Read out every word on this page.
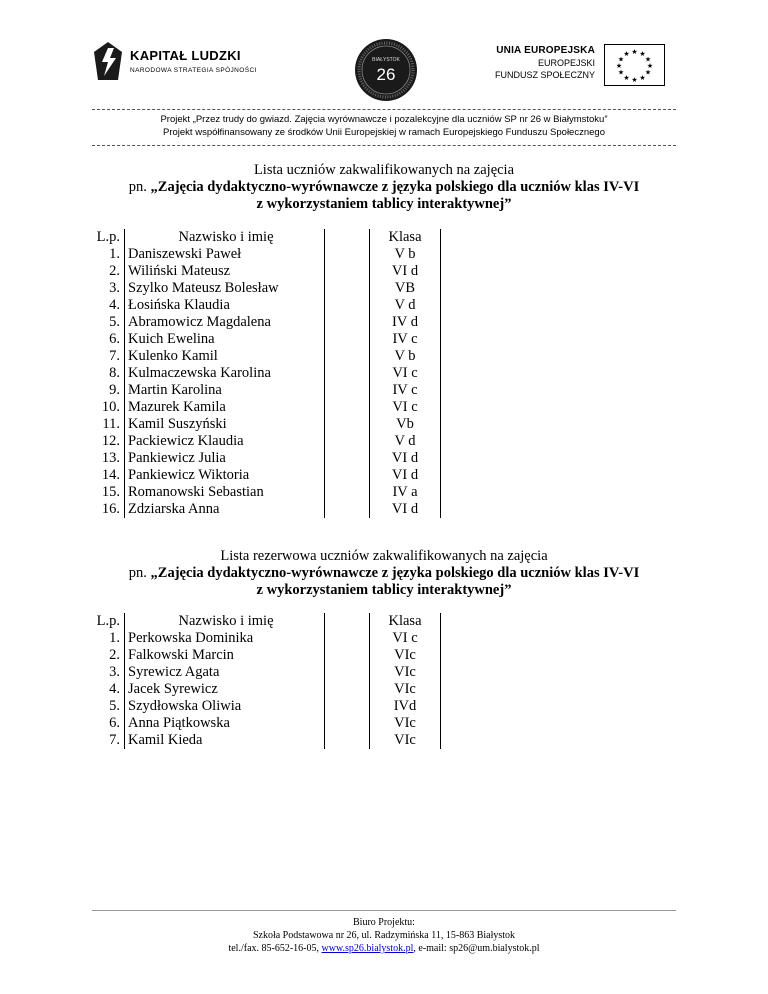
KAPITAŁ LUDZKI
NARODOWA STRATEGIA SPÓJNOŚCI
BIAŁYSTOK
26
UNIA EUROPEJSKA
EUROPEJSKI
FUNDUSZ SPOŁECZNY
★ ★
★
★
★
★
★
★
★
★
★
★
Projekt „Przez trudy do gwiazd. Zajęcia wyrównawcze i pozalekcyjne dla uczniów SP nr 26 w Białymstoku”
Projekt współfinansowany ze środków Unii Europejskiej w ramach Europejskiego Funduszu Społecznego
Lista uczniów zakwalifikowanych na zajęcia
pn. „Zajęcia dydaktyczno-wyrównawcze z języka polskiego dla uczniów klas IV-VI
z wykorzystaniem tablicy interaktywnej”
L.p.	Nazwisko i imię		Klasa
1.	Daniszewski Paweł		V b
2.	Wiliński Mateusz		VI d
3.	Szylko Mateusz Bolesław		VB
4.	Łosińska Klaudia		V d
5.	Abramowicz Magdalena		IV d
6.	Kuich Ewelina		IV c
7.	Kulenko Kamil		V b
8.	Kulmaczewska Karolina		VI c
9.	Martin Karolina		IV c
10.	Mazurek Kamila		VI c
11.	Kamil Suszyński		Vb
12.	Packiewicz Klaudia		V d
13.	Pankiewicz Julia		VI d
14.	Pankiewicz Wiktoria		VI d
15.	Romanowski Sebastian		IV a
16.	Zdziarska Anna		VI d
Lista rezerwowa uczniów zakwalifikowanych na zajęcia
pn. „Zajęcia dydaktyczno-wyrównawcze z języka polskiego dla uczniów klas IV-VI
z wykorzystaniem tablicy interaktywnej”
L.p.	Nazwisko i imię		Klasa
1.	Perkowska Dominika		VI c
2.	Falkowski Marcin		VIc
3.	Syrewicz Agata		VIc
4.	Jacek Syrewicz		VIc
5.	Szydłowska Oliwia		IVd
6.	Anna Piątkowska		VIc
7.	Kamil Kieda		VIc
Biuro Projektu:
Szkoła Podstawowa nr 26, ul. Radzymińska 11, 15-863 Białystok
tel./fax. 85-652-16-05, www.sp26.bialystok.pl, e-mail: sp26@um.bialystok.pl
